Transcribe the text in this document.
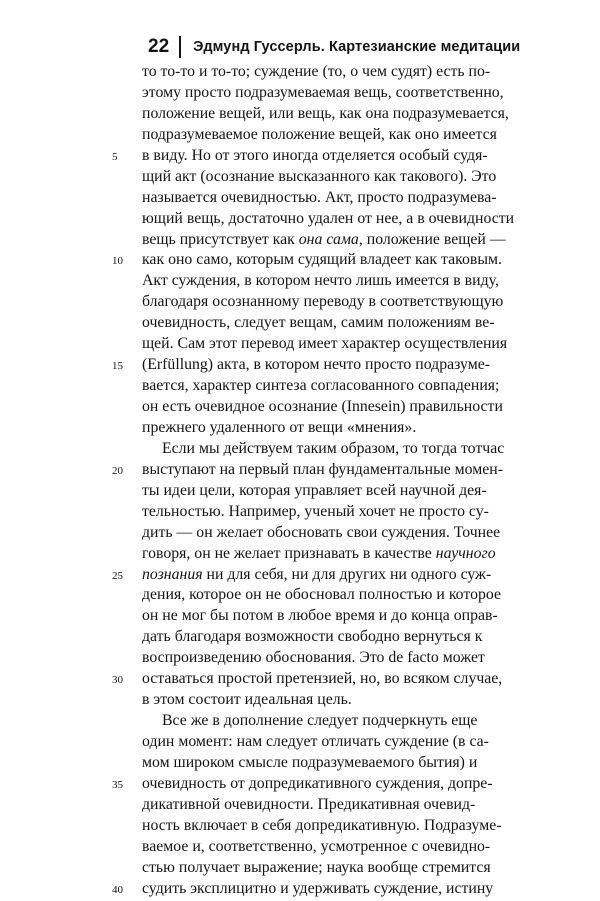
22 Эдмунд Гуссерль. Картезианские медитации
то то-то и то-то; суждение (то, о чем судят) есть по-
этому просто подразумеваемая вещь, соответственно,
положение вещей, или вещь, как она подразумевается,
подразумеваемое положение вещей, как оно имеется
5	в виду. Но от этого иногда отделяется особый судя-
щий акт (осознание высказанного как такового). Это
называется очевидностью. Акт, просто подразумева-
ющий вещь, достаточно удален от нее, а в очевидности
вещь присутствует как она сама, положение вещей —
10	как оно само, которым судящий владеет как таковым.
Акт суждения, в котором нечто лишь имеется в виду,
благодаря осознанному переводу в соответствующую
очевидность, следует вещам, самим положениям ве-
щей. Сам этот перевод имеет характер осуществления
15	(Erfüllung) акта, в котором нечто просто подразуме-
вается, характер синтеза согласованного совпадения;
он есть очевидное осознание (Innesein) правильности
прежнего удаленного от вещи «мнения».
Если мы действуем таким образом, то тогда тотчас
20	выступают на первый план фундаментальные момен-
ты идеи цели, которая управляет всей научной дея-
тельностью. Например, ученый хочет не просто су-
дить — он желает обосновать свои суждения. Точнее
говоря, он не желает признавать в качестве научного
25	познания ни для себя, ни для других ни одного суж-
дения, которое он не обосновал полностью и которое
он не мог бы потом в любое время и до конца оправ-
дать благодаря возможности свободно вернуться к
воспроизведению обоснования. Это de facto может
30	оставаться простой претензией, но, во всяком случае,
в этом состоит идеальная цель.
Все же в дополнение следует подчеркнуть еще
один момент: нам следует отличать суждение (в са-
мом широком смысле подразумеваемого бытия) и
35	очевидность от допредикативного суждения, допре-
дикативной очевидности. Предикативная очевид-
ность включает в себя допредикативную. Подразуме-
ваемое и, соответственно, усмотренное с очевидно-
стью получает выражение; наука вообще стремится
40	судить эксплицитно и удерживать суждение, истину
